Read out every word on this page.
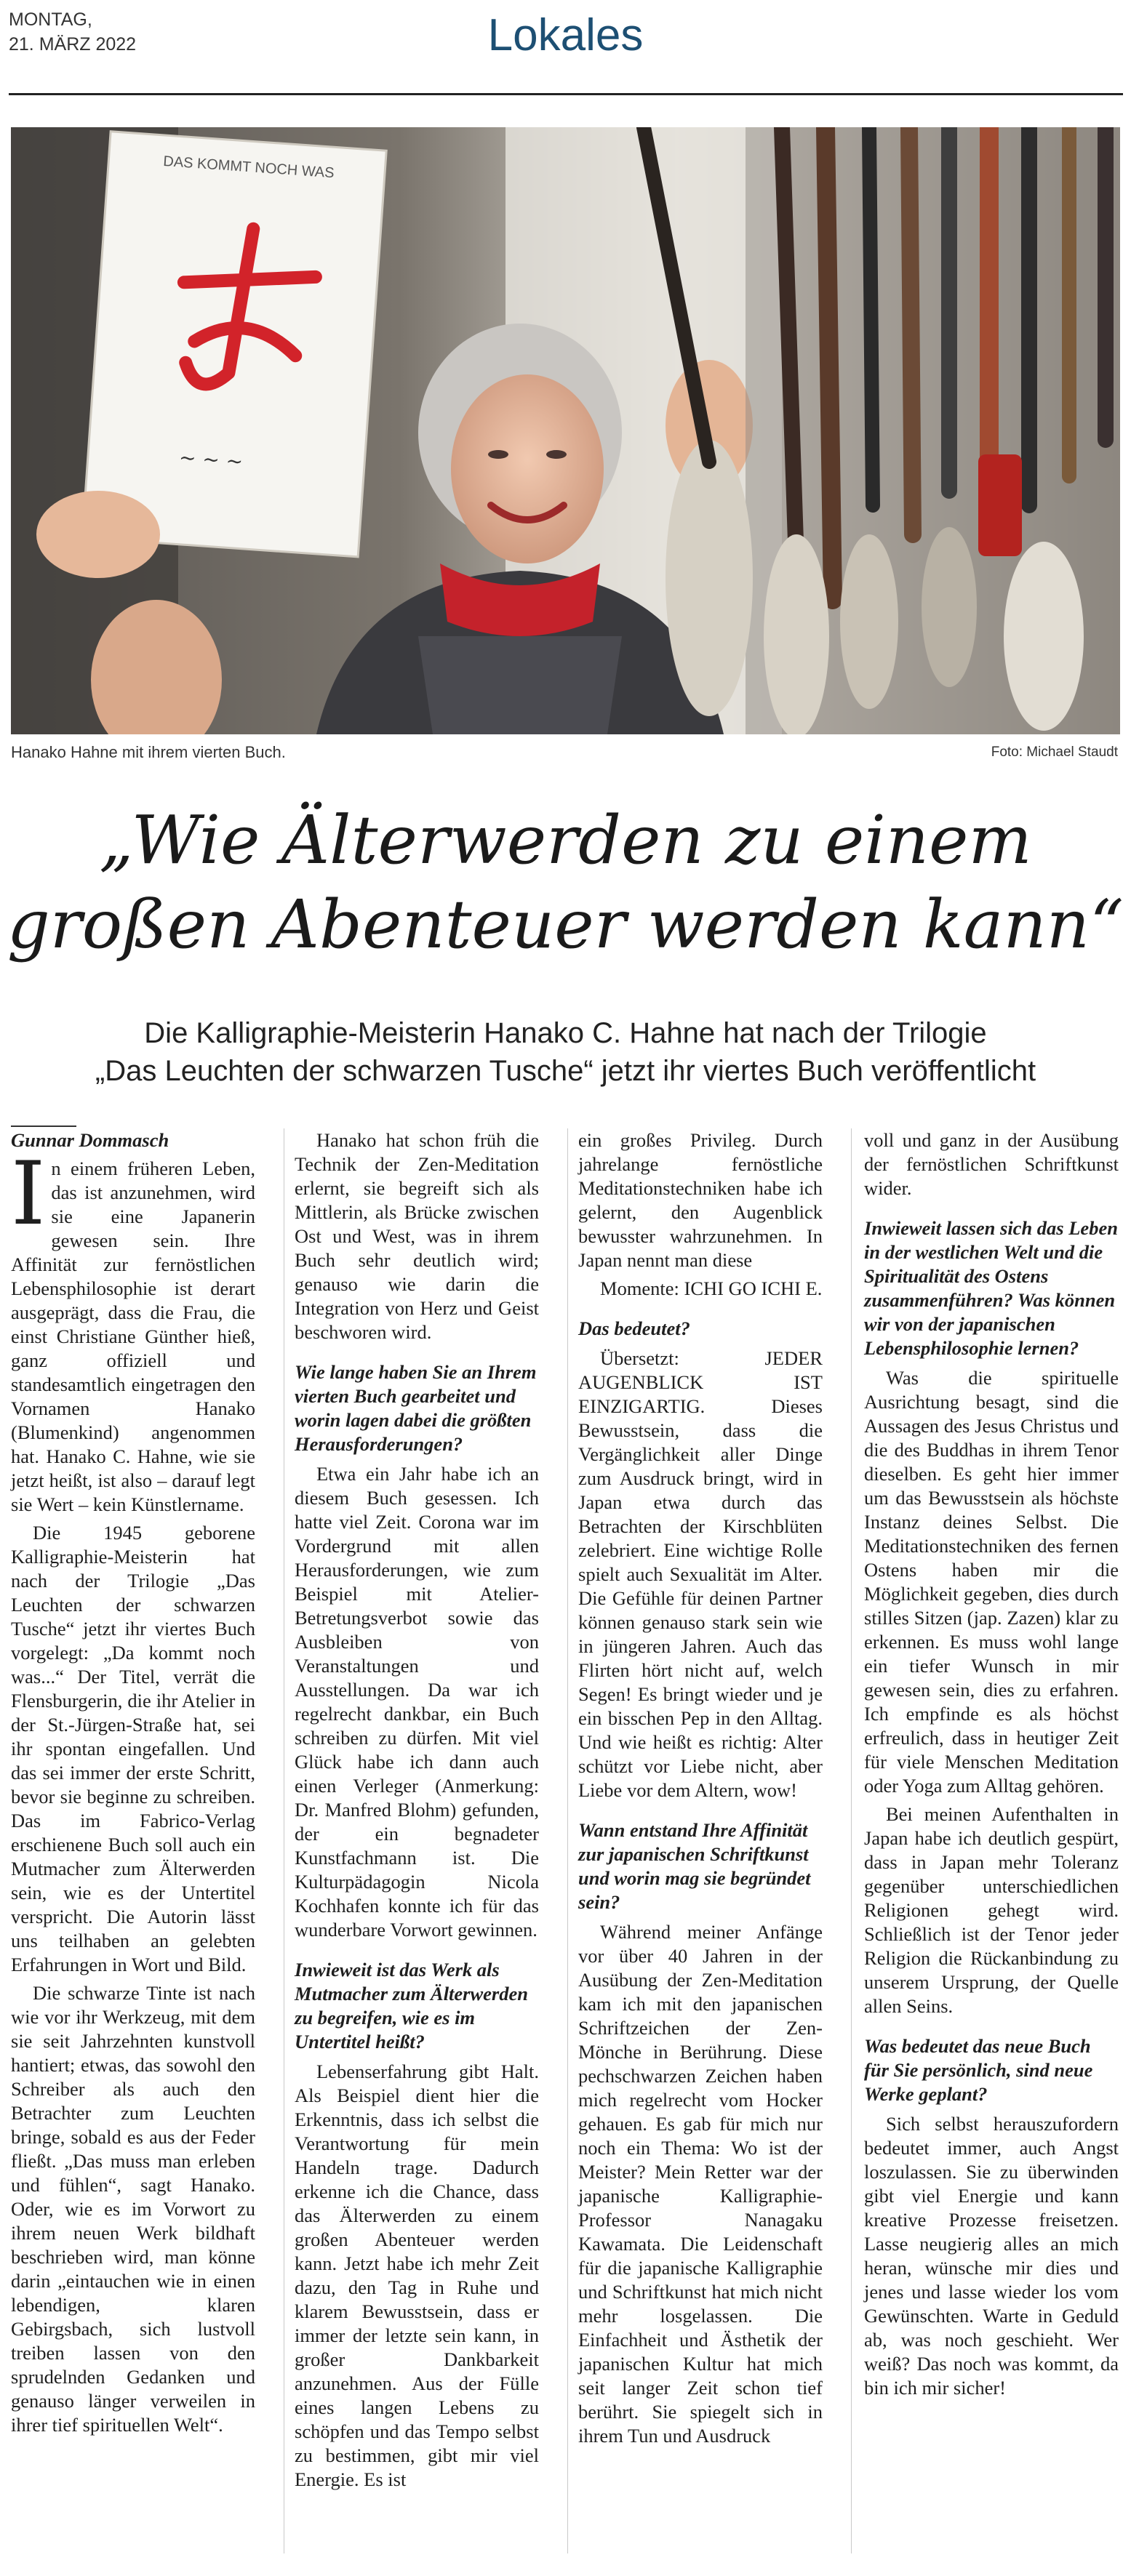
MONTAG,
21. MÄRZ 2022	Lokales
DAS KOMMT NOCH WAS
~ ~ ~
Hanako Hahne mit ihrem vierten Buch.	Foto: Michael Staudt
„Wie Älterwerden zu einem
großen Abenteuer werden kann“
Die Kalligraphie-Meisterin Hanako C. Hahne hat nach der Trilogie
„Das Leuchten der schwarzen Tusche“ jetzt ihr viertes Buch veröffentlicht

Gunnar Dommasch

In einem früheren Leben, das ist anzunehmen, wird sie eine Japanerin gewesen sein. Ihre Affinität zur fernöstlichen Lebensphilosophie ist derart ausgeprägt, dass die Frau, die einst Christiane Günther hieß, ganz offiziell und standesamtlich eingetragen den Vornamen Hanako (Blumenkind) angenommen hat. Hanako C. Hahne, wie sie jetzt heißt, ist also – darauf legt sie Wert – kein Künstlername.

Die 1945 geborene Kalligraphie-Meisterin hat nach der Trilogie „Das Leuchten der schwarzen Tusche“ jetzt ihr viertes Buch vorgelegt: „Da kommt noch was...“ Der Titel, verrät die Flensburgerin, die ihr Atelier in der St.-Jürgen-Straße hat, sei ihr spontan eingefallen. Und das sei immer der erste Schritt, bevor sie beginne zu schreiben. Das im Fabrico-Verlag erschienene Buch soll auch ein Mutmacher zum Älterwerden sein, wie es der Untertitel verspricht. Die Autorin lässt uns teilhaben an gelebten Erfahrungen in Wort und Bild.

Die schwarze Tinte ist nach wie vor ihr Werkzeug, mit dem sie seit Jahrzehnten kunstvoll hantiert; etwas, das sowohl den Schreiber als auch den Betrachter zum Leuchten bringe, sobald es aus der Feder fließt. „Das muss man erleben und fühlen“, sagt Hanako. Oder, wie es im Vorwort zu ihrem neuen Werk bildhaft beschrieben wird, man könne darin „eintauchen wie in einen lebendigen, klaren Gebirgsbach, sich lustvoll treiben lassen von den sprudelnden Gedanken und genauso länger verweilen in ihrer tief spirituellen Welt“.

Hanako hat schon früh die Technik der Zen-Meditation erlernt, sie begreift sich als Mittlerin, als Brücke zwischen Ost und West, was in ihrem Buch sehr deutlich wird; genauso wie darin die Integration von Herz und Geist beschworen wird.

Wie lange haben Sie an Ihrem vierten Buch gearbeitet und worin lagen dabei die größten Herausforderungen?

Etwa ein Jahr habe ich an diesem Buch gesessen. Ich hatte viel Zeit. Corona war im Vordergrund mit allen Herausforderungen, wie zum Beispiel mit Atelier-Betretungsverbot sowie das Ausbleiben von Veranstaltungen und Ausstellungen. Da war ich regelrecht dankbar, ein Buch schreiben zu dürfen. Mit viel Glück habe ich dann auch einen Verleger (Anmerkung: Dr. Manfred Blohm) gefunden, der ein begnadeter Kunstfachmann ist. Die Kulturpädagogin Nicola Kochhafen konnte ich für das wunderbare Vorwort gewinnen.

Inwieweit ist das Werk als Mutmacher zum Älterwerden zu begreifen, wie es im Untertitel heißt?

Lebenserfahrung gibt Halt. Als Beispiel dient hier die Erkenntnis, dass ich selbst die Verantwortung für mein Handeln trage. Dadurch erkenne ich die Chance, dass das Älterwerden zu einem großen Abenteuer werden kann. Jetzt habe ich mehr Zeit dazu, den Tag in Ruhe und klarem Bewusstsein, dass er immer der letzte sein kann, in großer Dankbarkeit anzunehmen. Aus der Fülle eines langen Lebens zu schöpfen und das Tempo selbst zu bestimmen, gibt mir viel Energie. Es ist

ein großes Privileg. Durch jahrelange fernöstliche Meditationstechniken habe ich gelernt, den Augenblick bewusster wahrzunehmen. In Japan nennt man diese

Momente: ICHI GO ICHI E.

Das bedeutet?

Übersetzt: JEDER AUGENBLICK IST EINZIGARTIG. Dieses Bewusstsein, dass die Vergänglichkeit aller Dinge zum Ausdruck bringt, wird in Japan etwa durch das Betrachten der Kirschblüten zelebriert. Eine wichtige Rolle spielt auch Sexualität im Alter. Die Gefühle für deinen Partner können genauso stark sein wie in jüngeren Jahren. Auch das Flirten hört nicht auf, welch Segen! Es bringt wieder und je ein bisschen Pep in den Alltag. Und wie heißt es richtig: Alter schützt vor Liebe nicht, aber Liebe vor dem Altern, wow!

Wann entstand Ihre Affinität zur japanischen Schriftkunst und worin mag sie begründet sein?

Während meiner Anfänge vor über 40 Jahren in der Ausübung der Zen-Meditation kam ich mit den japanischen Schriftzeichen der Zen-Mönche in Berührung. Diese pechschwarzen Zeichen haben mich regelrecht vom Hocker gehauen. Es gab für mich nur noch ein Thema: Wo ist der Meister? Mein Retter war der japanische Kalligraphie-Professor Nanagaku Kawamata. Die Leidenschaft für die japanische Kalligraphie und Schriftkunst hat mich nicht mehr losgelassen. Die Einfachheit und Ästhetik der japanischen Kultur hat mich seit langer Zeit schon tief berührt. Sie spiegelt sich in ihrem Tun und Ausdruck

voll und ganz in der Ausübung der fernöstlichen Schriftkunst wider.

Inwieweit lassen sich das Leben in der westlichen Welt und die Spiritualität des Ostens zusammenführen? Was können wir von der japanischen Lebensphilosophie lernen?

Was die spirituelle Ausrichtung besagt, sind die Aussagen des Jesus Christus und die des Buddhas in ihrem Tenor dieselben. Es geht hier immer um das Bewusstsein als höchste Instanz deines Selbst. Die Meditationstechniken des fernen Ostens haben mir die Möglichkeit gegeben, dies durch stilles Sitzen (jap. Zazen) klar zu erkennen. Es muss wohl lange ein tiefer Wunsch in mir gewesen sein, dies zu erfahren. Ich empfinde es als höchst erfreulich, dass in heutiger Zeit für viele Menschen Meditation oder Yoga zum Alltag gehören.

Bei meinen Aufenthalten in Japan habe ich deutlich gespürt, dass in Japan mehr Toleranz gegenüber unterschiedlichen Religionen gehegt wird. Schließlich ist der Tenor jeder Religion die Rückanbindung zu unserem Ursprung, der Quelle allen Seins.

Was bedeutet das neue Buch für Sie persönlich, sind neue Werke geplant?

Sich selbst herauszufordern bedeutet immer, auch Angst loszulassen. Sie zu überwinden gibt viel Energie und kann kreative Prozesse freisetzen. Lasse neugierig alles an mich heran, wünsche mir dies und jenes und lasse wieder los vom Gewünschten. Warte in Geduld ab, was noch geschieht. Wer weiß? Das noch was kommt, da bin ich mir sicher!
